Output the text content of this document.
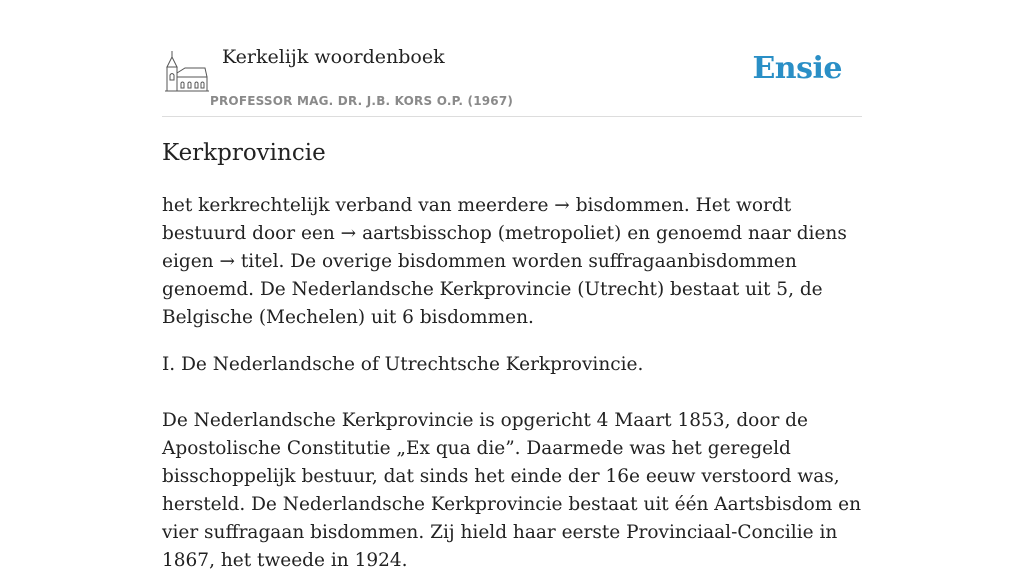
Kerkelijk woordenboek
PROFESSOR MAG. DR. J.B. KORS O.P. (1967)
Ensie
Kerkprovincie

het kerkrechtelijk verband van meerdere → bisdommen. Het wordt bestuurd door een → aartsbisschop (metropoliet) en genoemd naar diens eigen → titel. De overige bisdommen worden suffragaanbisdommen genoemd. De Nederlandsche Kerkprovincie (Utrecht) bestaat uit 5, de Belgische (Mechelen) uit 6 bisdommen.

I. De Nederlandsche of Utrechtsche Kerkprovincie.

De Nederlandsche Kerkprovincie is opgericht 4 Maart 1853, door de Apostolische Constitutie „Ex qua die”. Daarmede was het geregeld bisschoppelijk bestuur, dat sinds het einde der 16e eeuw verstoord was, hersteld. De Nederlandsche Kerkprovincie bestaat uit één Aartsbisdom en vier suffragaan bisdommen. Zij hield haar eerste Provinciaal-Concilie in 1867, het tweede in 1924.
